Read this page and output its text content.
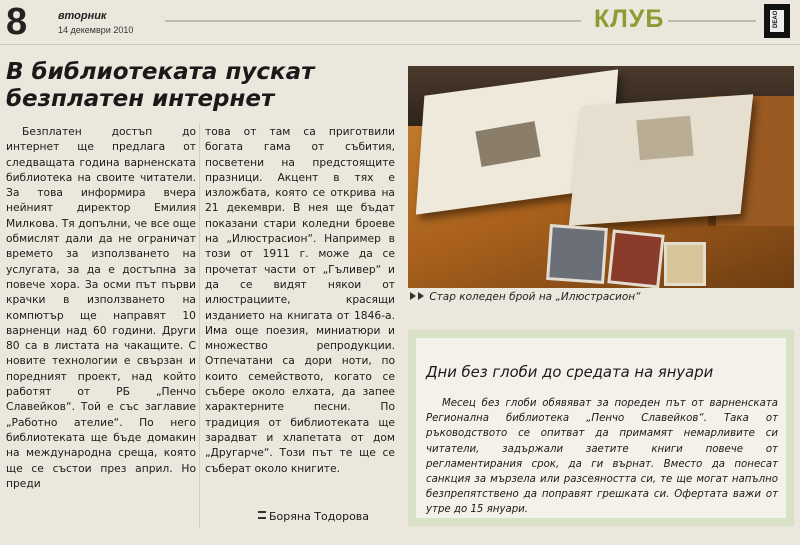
8	вторник
14 декември 2010	КЛУБ	DEAO
В библиотеката пускат безплатен интернет
Безплатен достъп до интернет ще предлага от следващата година варненската библиотека на своите читатели. За това информира вчера нейният директор Емилия Милкова. Тя допълни, че все още обмислят дали да не ограничат времето за използването на услугата, за да е достъпна за повече хора. За осми път първи крачки в използването на компютър ще направят 10 варненци над 60 години. Други 80 са в листата на чакащите. С новите технологии е свързан и поредният проект, над който работят от РБ „Пенчо Славейков“. Той е със заглавие „Работно ателие“. По него библиотеката ще бъде домакин на международна среща, която ще се състои през април. Но преди
това от там са приготвили богата гама от събития, посветени на предстоящите празници. Акцент в тях е изложбата, която се открива на 21 декември. В нея ще бъдат показани стари коледни броеве на „Илюстрасион“. Например в този от 1911 г. може да се прочетат части от „Гъливер“ и да се видят някои от илюстрациите, красящи изданието на книгата от 1846-а. Има още поезия, миниатюри и множество репродукции. Отпечатани са дори ноти, по които семейството, когато се събере около елхата, да запее характерните песни. По традиция от библиотеката ще зарадват и хлапетата от дом „Другарче“. Този път те ще се съберат около книгите.
Боряна Тодорова
Стар коледен брой на „Илюстрасион“
Дни без глоби до средата на януари
Месец без глоби обявяват за пореден път от варненската Регионална библиотека „Пенчо Славейков“. Така от ръководството се опитват да примамят немарливите си читатели, задържали заетите книги повече от регламентирания срок, да ги върнат. Вместо да понесат санкция за мързела или разсеяността си, те ще могат напълно безпрепятствено да поправят грешката си. Офертата важи от утре до 15 януари.
